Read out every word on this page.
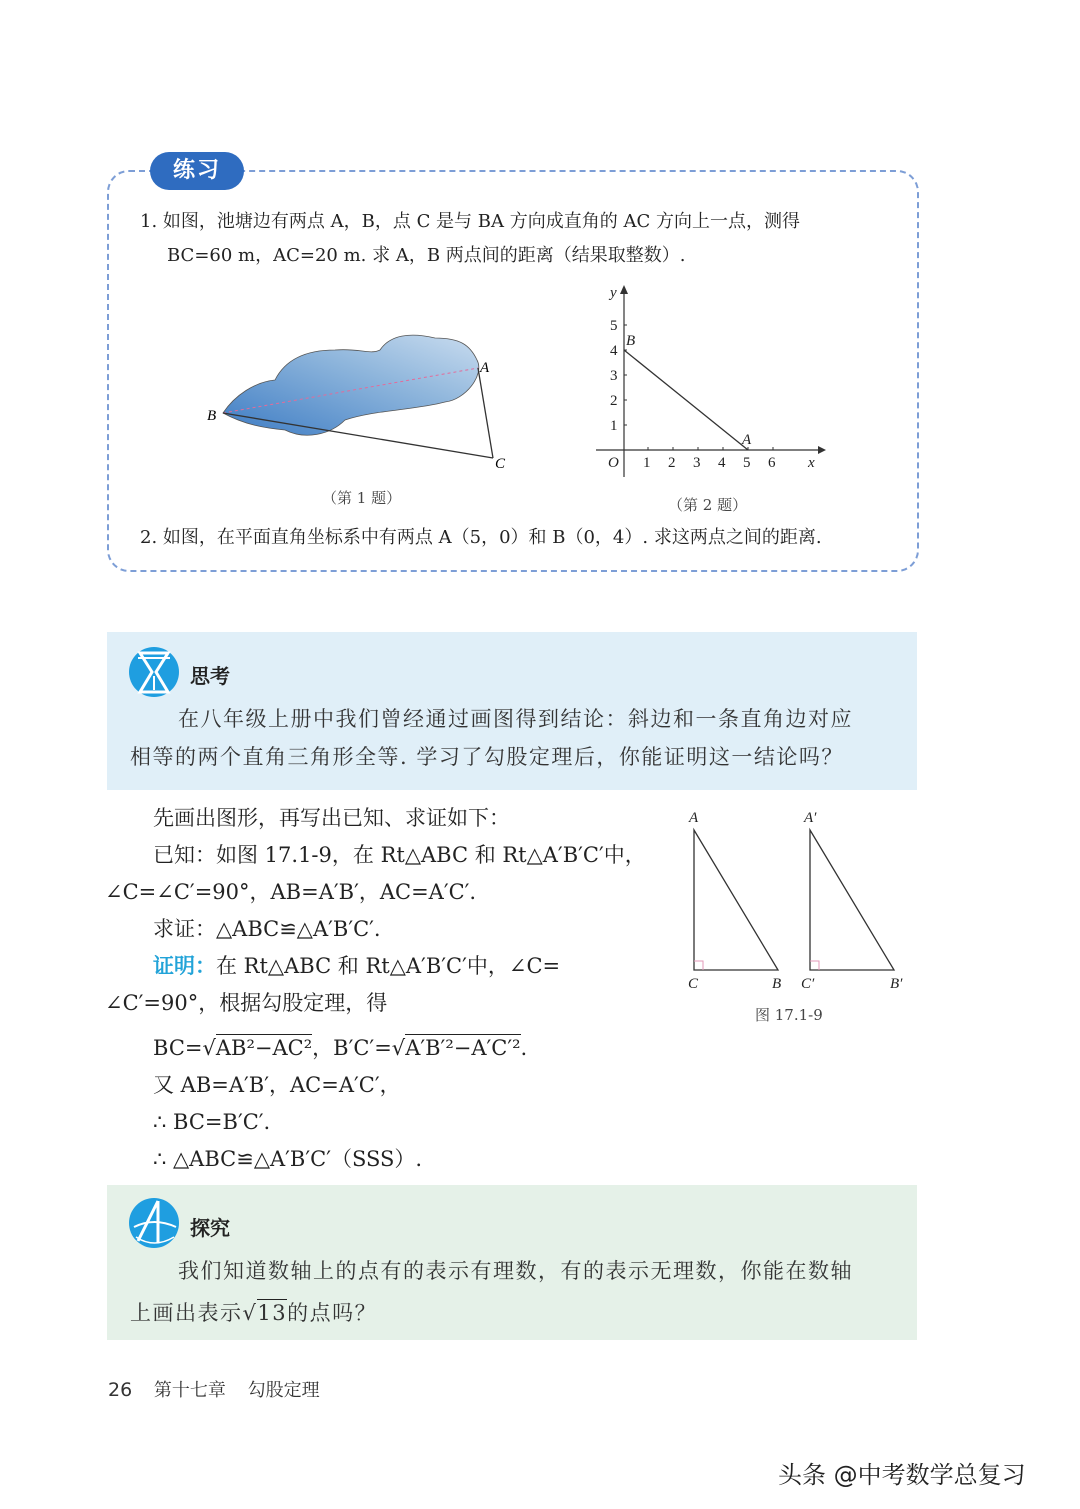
练习
1. 如图，池塘边有两点 A，B，点 C 是与 BA 方向成直角的 AC 方向上一点，测得
BC=60 m，AC=20 m. 求 A，B 两点间的距离（结果取整数）.
A
B
C
（第 1 题）
1 2 3 4 5 6
1
2
3
4
5
O	x
y
B
A
（第 2 题）
2. 如图，在平面直角坐标系中有两点 A（5，0）和 B（0，4）. 求这两点之间的距离.
思考
在八年级上册中我们曾经通过画图得到结论：斜边和一条直角边对应
相等的两个直角三角形全等. 学习了勾股定理后，你能证明这一结论吗？
先画出图形，再写出已知、求证如下：
已知：如图 17.1-9，在 Rt△ABC 和 Rt△A′B′C′中，
∠C=∠C′=90°，AB=A′B′，AC=A′C′.
求证：△ABC≌△A′B′C′.
证明：在 Rt△ABC 和 Rt△A′B′C′中，∠C=
∠C′=90°，根据勾股定理，得
BC=√AB²−AC²，B′C′=√A′B′²−A′C′².
又 AB=A′B′，AC=A′C′，
∴ BC=B′C′.
∴ △ABC≌△A′B′C′（SSS）.
A
C	B
A′
C′	B′
图 17.1-9
探究
我们知道数轴上的点有的表示有理数，有的表示无理数，你能在数轴
上画出表示√13的点吗？
26 第十七章 勾股定理
头条 @中考数学总复习
